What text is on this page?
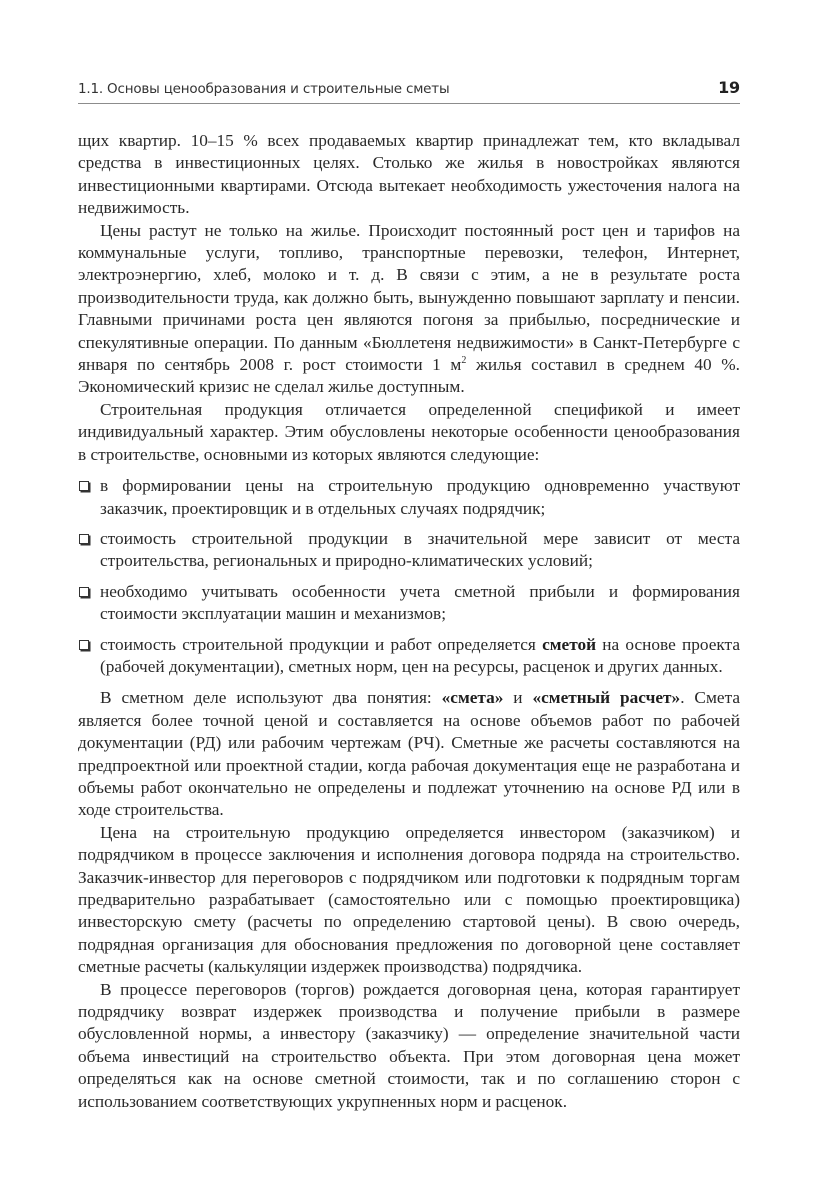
1.1. Основы ценообразования и строительные сметы	19

щих квартир. 10–15 % всех продаваемых квартир принадлежат тем, кто вкладывал средства в инвестиционных целях. Столько же жилья в новостройках являются инвестиционными квартирами. Отсюда вытекает необходимость ужесточения налога на недвижимость.

Цены растут не только на жилье. Происходит постоянный рост цен и тарифов на коммунальные услуги, топливо, транспортные перевозки, телефон, Интернет, электроэнергию, хлеб, молоко и т. д. В связи с этим, а не в результате роста производительности труда, как должно быть, вынужденно повышают зарплату и пенсии. Главными причинами роста цен являются погоня за прибылью, посреднические и спекулятивные операции. По данным «Бюллетеня недвижимости» в Санкт-Петербурге с января по сентябрь 2008 г. рост стоимости 1 $м^2$ жилья составил в среднем 40 %. Экономический кризис не сделал жилье доступным.

Строительная продукция отличается определенной спецификой и имеет индивидуальный характер. Этим обусловлены некоторые особенности ценообразования в строительстве, основными из которых являются следующие:

в формировании цены на строительную продукцию одновременно участвуют заказчик, проектировщик и в отдельных случаях подрядчик;
стоимость строительной продукции в значительной мере зависит от места строительства, региональных и природно-климатических условий;
необходимо учитывать особенности учета сметной прибыли и формирования стоимости эксплуатации машин и механизмов;
стоимость строительной продукции и работ определяется сметой на основе проекта (рабочей документации), сметных норм, цен на ресурсы, расценок и других данных.

В сметном деле используют два понятия: «смета» и «сметный расчет». Смета является более точной ценой и составляется на основе объемов работ по рабочей документации (РД) или рабочим чертежам (РЧ). Сметные же расчеты составляются на предпроектной или проектной стадии, когда рабочая документация еще не разработана и объемы работ окончательно не определены и подлежат уточнению на основе РД или в ходе строительства.

Цена на строительную продукцию определяется инвестором (заказчиком) и подрядчиком в процессе заключения и исполнения договора подряда на строительство. Заказчик-инвестор для переговоров с подрядчиком или подготовки к подрядным торгам предварительно разрабатывает (самостоятельно или с помощью проектировщика) инвесторскую смету (расчеты по определению стартовой цены). В свою очередь, подрядная организация для обоснования предложения по договорной цене составляет сметные расчеты (калькуляции издержек производства) подрядчика.

В процессе переговоров (торгов) рождается договорная цена, которая гарантирует подрядчику возврат издержек производства и получение прибыли в размере обусловленной нормы, а инвестору (заказчику) — определение значительной части объема инвестиций на строительство объекта. При этом договорная цена может определяться как на основе сметной стоимости, так и по соглашению сторон с использованием соответствующих укрупненных норм и расценок.
